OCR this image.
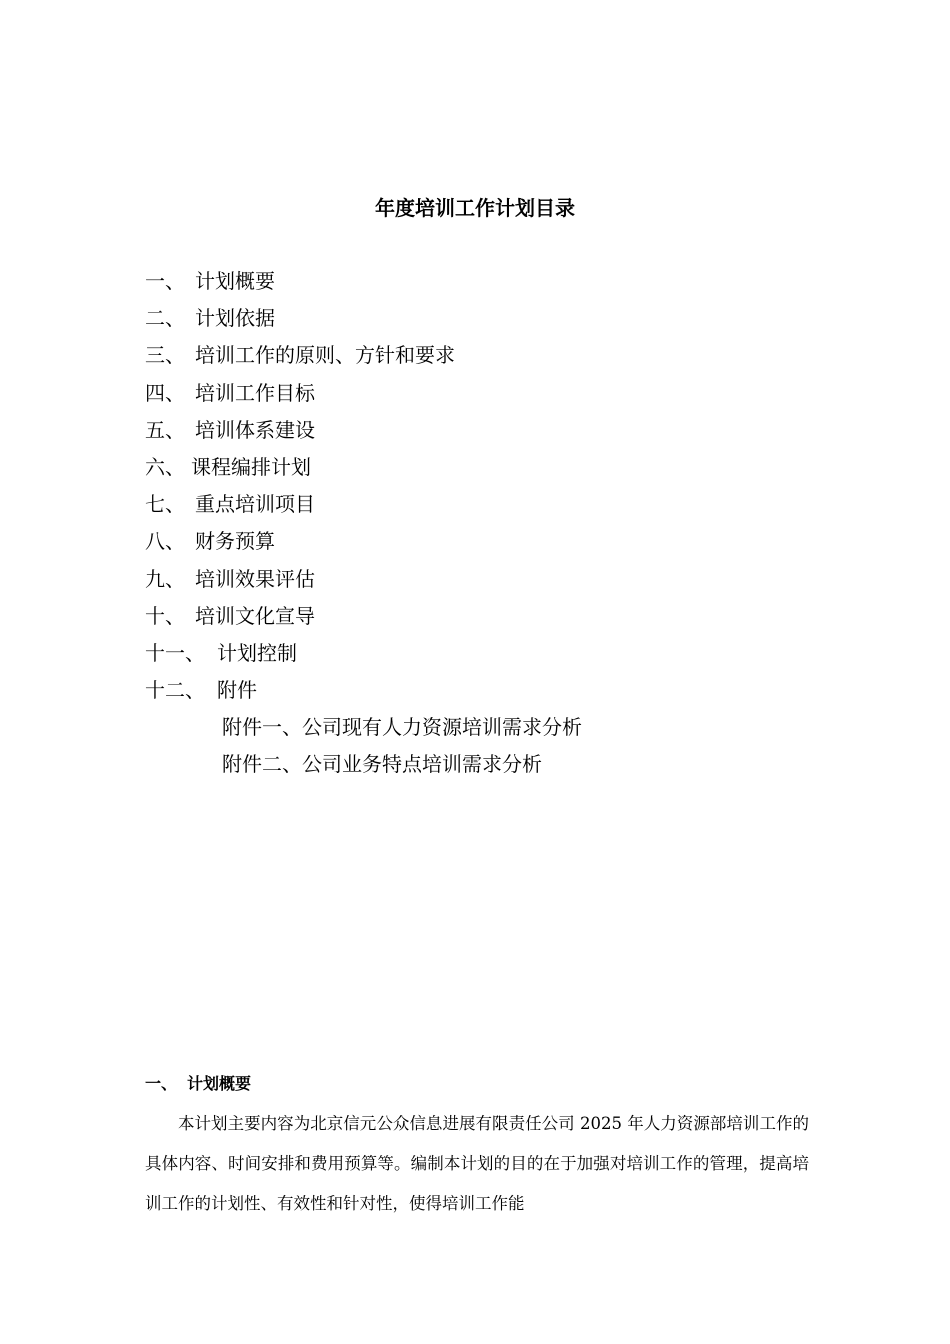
年度培训工作计划目录
一、 计划概要
二、 计划依据
三、 培训工作的原则、方针和要求
四、 培训工作目标
五、 培训体系建设
六、 课程编排计划
七、 重点培训项目
八、 财务预算
九、 培训效果评估
十、 培训文化宣导
十一、 计划控制
十二、 附件
附件一、公司现有人力资源培训需求分析
附件二、公司业务特点培训需求分析
一、 计划概要

本计划主要内容为北京信元公众信息进展有限责任公司 2025 年人力资源部培训工作的具体内容、时间安排和费用预算等。编制本计划的目的在于加强对培训工作的管理，提高培训工作的计划性、有效性和针对性，使得培训工作能
